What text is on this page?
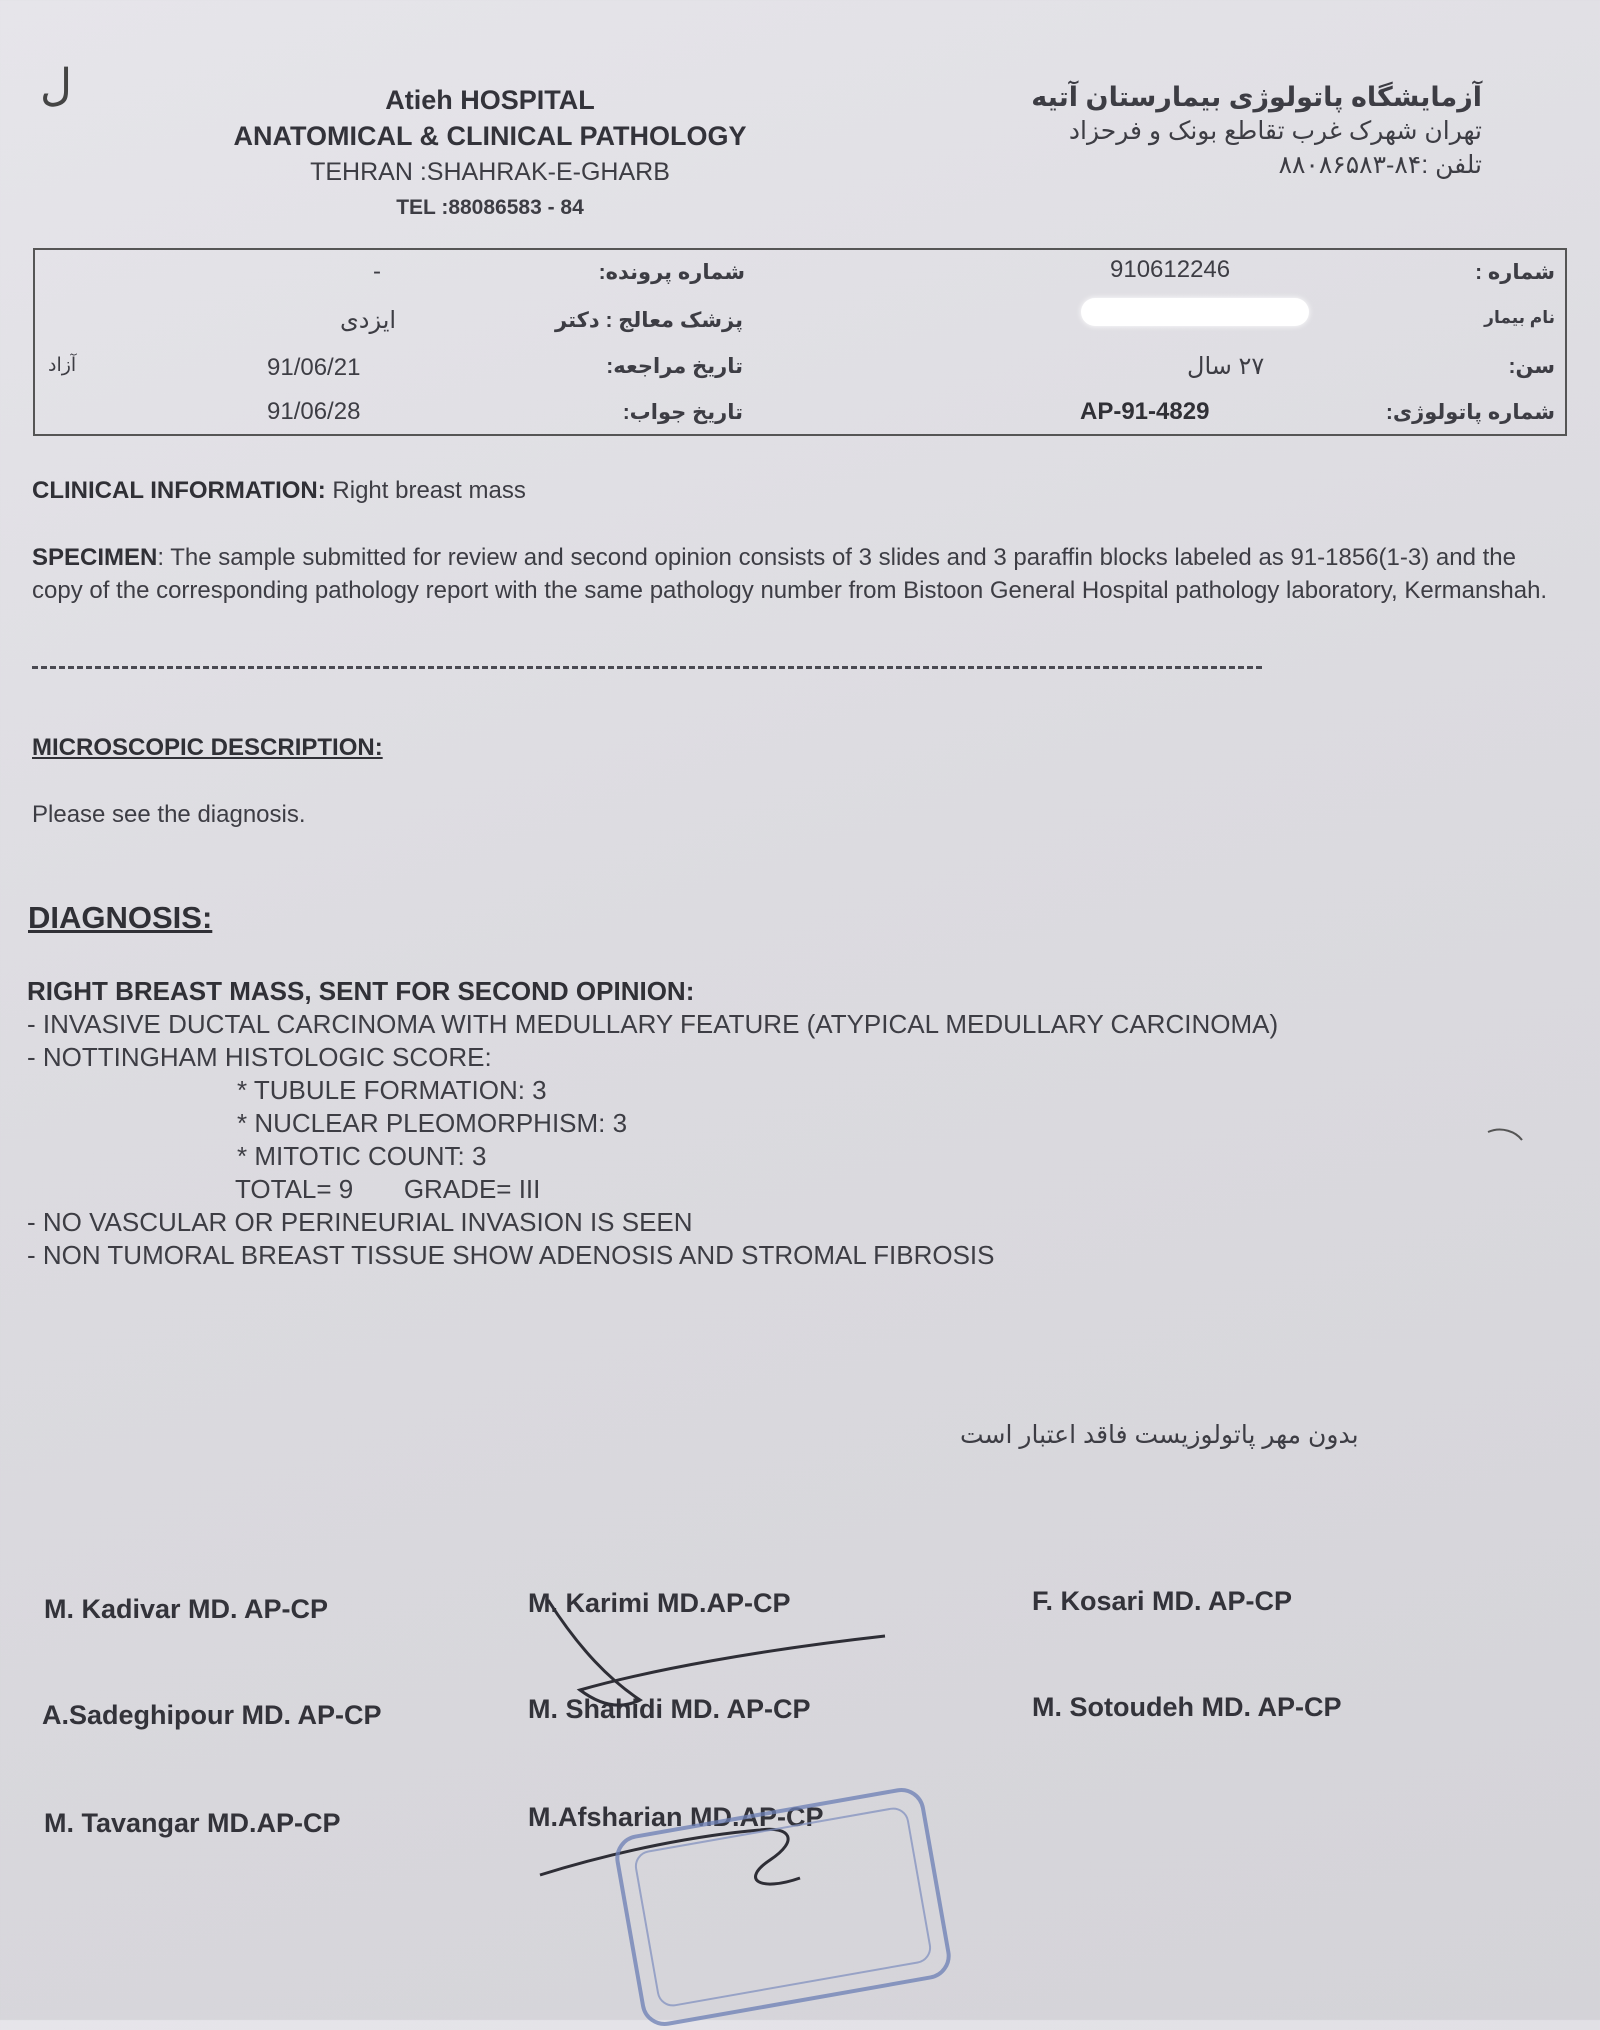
ل	Atieh HOSPITAL
ANATOMICAL & CLINICAL PATHOLOGY
TEHRAN :SHAHRAK-E-GHARB
TEL :88086583 - 84
آزمایشگاه پاتولوژی بیمارستان آتیه
تهران شهرک غرب تقاطع بونک و فرحزاد
تلفن :۸۴-۸۸۰۸۶۵۸۳
شماره :
910612246
شماره پرونده:
-
نام بیمار
پزشک معالج : دکتر
ایزدی
سن:
۲۷ سال
تاریخ مراجعه:
91/06/21
آزاد
شماره پاتولوژی:
AP-91-4829
تاریخ جواب:
91/06/28
CLINICAL INFORMATION: Right breast mass
SPECIMEN: The sample submitted for review and second opinion consists of 3 slides and 3 paraffin blocks labeled as 91-1856(1-3) and the copy of the corresponding pathology report with the same pathology number from Bistoon General Hospital pathology laboratory, Kermanshah.
MICROSCOPIC DESCRIPTION:
Please see the diagnosis.
DIAGNOSIS:
RIGHT BREAST MASS, SENT FOR SECOND OPINION:
- INVASIVE DUCTAL CARCINOMA WITH MEDULLARY FEATURE (ATYPICAL MEDULLARY CARCINOMA)
- NOTTINGHAM HISTOLOGIC SCORE:
* TUBULE FORMATION: 3
* NUCLEAR PLEOMORPHISM: 3
* MITOTIC COUNT: 3
TOTAL= 9       GRADE= III
- NO VASCULAR OR PERINEURIAL INVASION IS SEEN
- NON TUMORAL BREAST TISSUE SHOW ADENOSIS AND STROMAL FIBROSIS
بدون مهر پاتولوزیست فاقد اعتبار است
M. Kadivar MD. AP-CP	M. Karimi MD.AP-CP	F. Kosari MD. AP-CP
A.Sadeghipour MD. AP-CP	M. Shahidi MD. AP-CP	M. Sotoudeh MD. AP-CP
M. Tavangar MD.AP-CP	M.Afsharian MD.AP-CP
